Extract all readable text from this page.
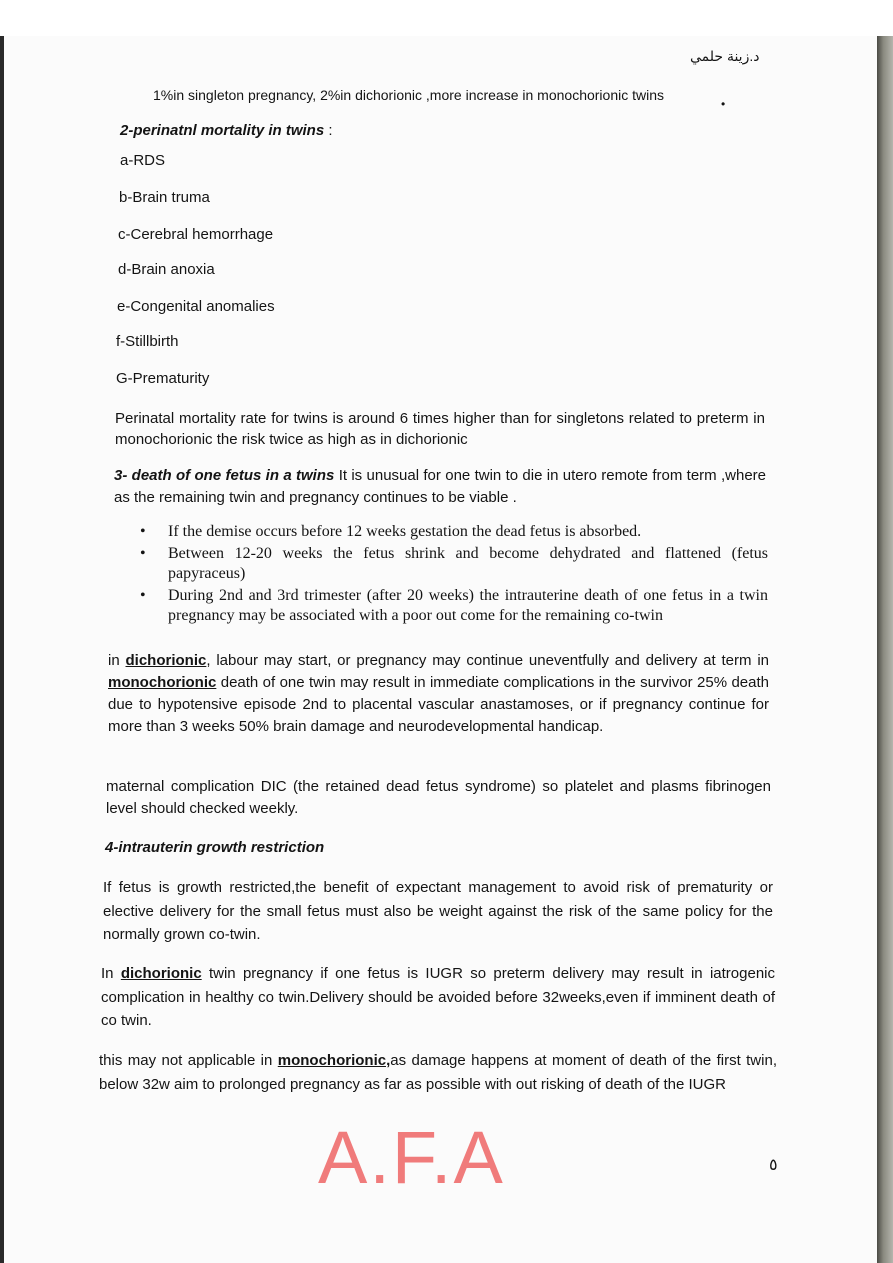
د.زينة حلمي
1%in singleton pregnancy, 2%in dichorionic ,more increase in monochorionic twins
•
2-perinatnl mortality in twins :
a-RDS
b-Brain truma
c-Cerebral hemorrhage
d-Brain anoxia
e-Congenital anomalies
f-Stillbirth
G-Prematurity
Perinatal mortality rate for twins is around 6 times higher than for singletons related to preterm in monochorionic the risk twice as high as in dichorionic
3- death of one fetus in a twins It is unusual for one twin to die in utero remote from term ,where as the remaining twin and pregnancy continues to be viable .
• If the demise occurs before 12 weeks gestation the dead fetus is absorbed.
• Between 12-20 weeks the fetus shrink and become dehydrated and flattened (fetus papyraceus)
• During 2nd and 3rd trimester (after 20 weeks) the intrauterine death of one fetus in a twin pregnancy may be associated with a poor out come for the remaining co-twin
in dichorionic, labour may start, or pregnancy may continue uneventfully and delivery at term in monochorionic death of one twin may result in immediate complications in the survivor 25% death due to hypotensive episode 2nd to placental vascular anastamoses, or if pregnancy continue for more than 3 weeks 50% brain damage and neurodevelopmental handicap.
maternal complication DIC (the retained dead fetus syndrome) so platelet and plasms fibrinogen level should checked weekly.
4-intrauterin growth restriction
If fetus is growth restricted,the benefit of expectant management to avoid risk of prematurity or elective delivery for the small fetus must also be weight against the risk of the same policy for the normally grown co-twin.
In dichorionic twin pregnancy if one fetus is IUGR so preterm delivery may result in iatrogenic complication in healthy co twin.Delivery should be avoided before 32weeks,even if imminent death of co twin.
this may not applicable in monochorionic,as damage happens at moment of death of the first twin, below 32w aim to prolonged pregnancy as far as possible with out risking of death of the IUGR
A.F.A	٥
